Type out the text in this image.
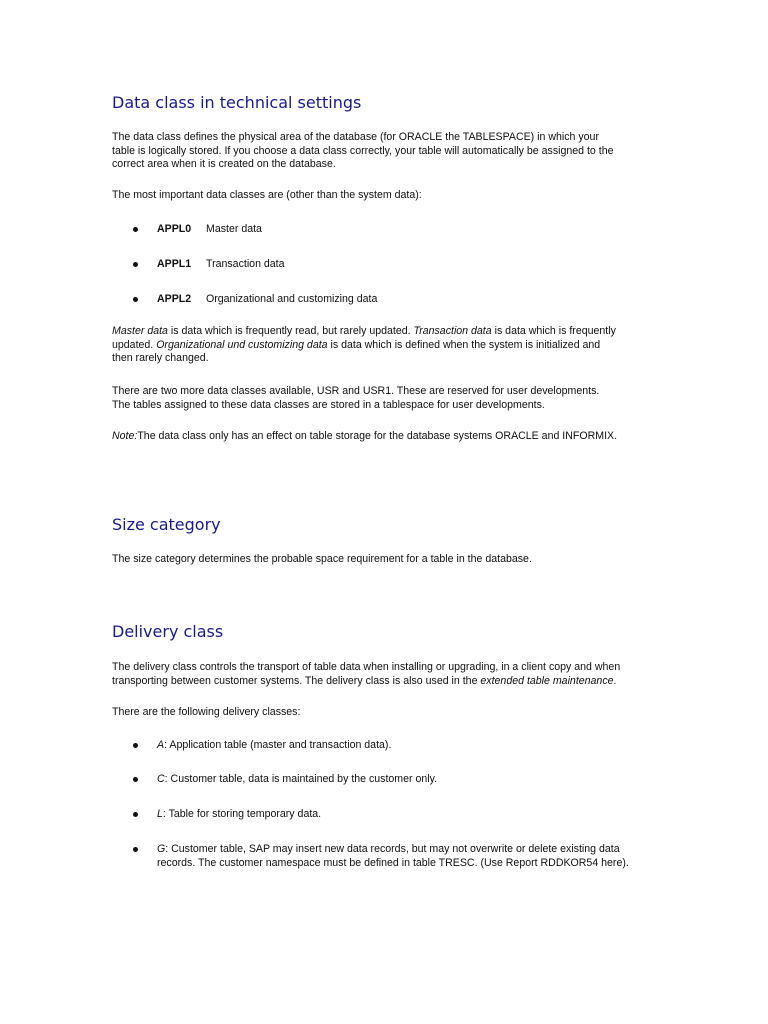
Data class in technical settings
The data class defines the physical area of the database (for ORACLE the TABLESPACE) in which your
table is logically stored. If you choose a data class correctly, your table will automatically be assigned to the
correct area when it is created on the database.
The most important data classes are (other than the system data):
APPL0 Master data
APPL1 Transaction data
APPL2 Organizational and customizing data
Master data is data which is frequently read, but rarely updated. Transaction data is data which is frequently
updated. Organizational und customizing data is data which is defined when the system is initialized and
then rarely changed.
There are two more data classes available, USR and USR1. These are reserved for user developments.
The tables assigned to these data classes are stored in a tablespace for user developments.
Note:The data class only has an effect on table storage for the database systems ORACLE and INFORMIX.
Size category
The size category determines the probable space requirement for a table in the database.
Delivery class
The delivery class controls the transport of table data when installing or upgrading, in a client copy and when
transporting between customer systems. The delivery class is also used in the extended table maintenance.
There are the following delivery classes:
A: Application table (master and transaction data).
C: Customer table, data is maintained by the customer only.
L: Table for storing temporary data.
G: Customer table, SAP may insert new data records, but may not overwrite or delete existing data records. The customer namespace must be defined in table TRESC. (Use Report RDDKOR54 here).
